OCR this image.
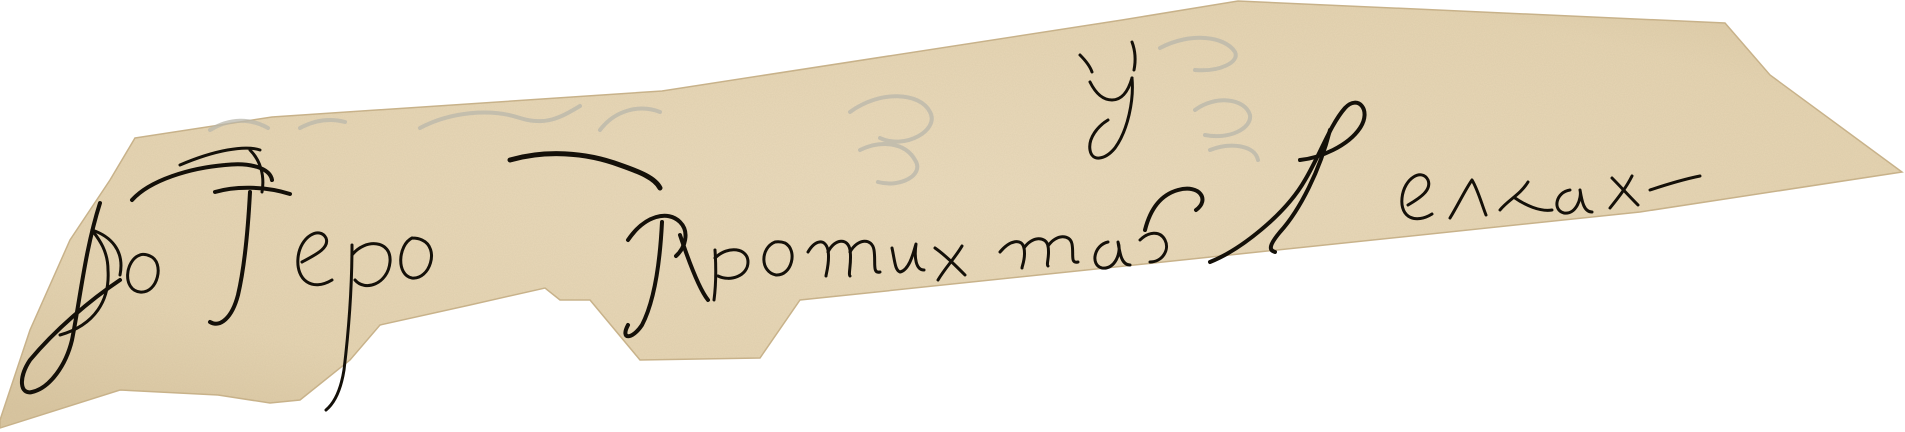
До Геро[й] протих[х] тарелках
